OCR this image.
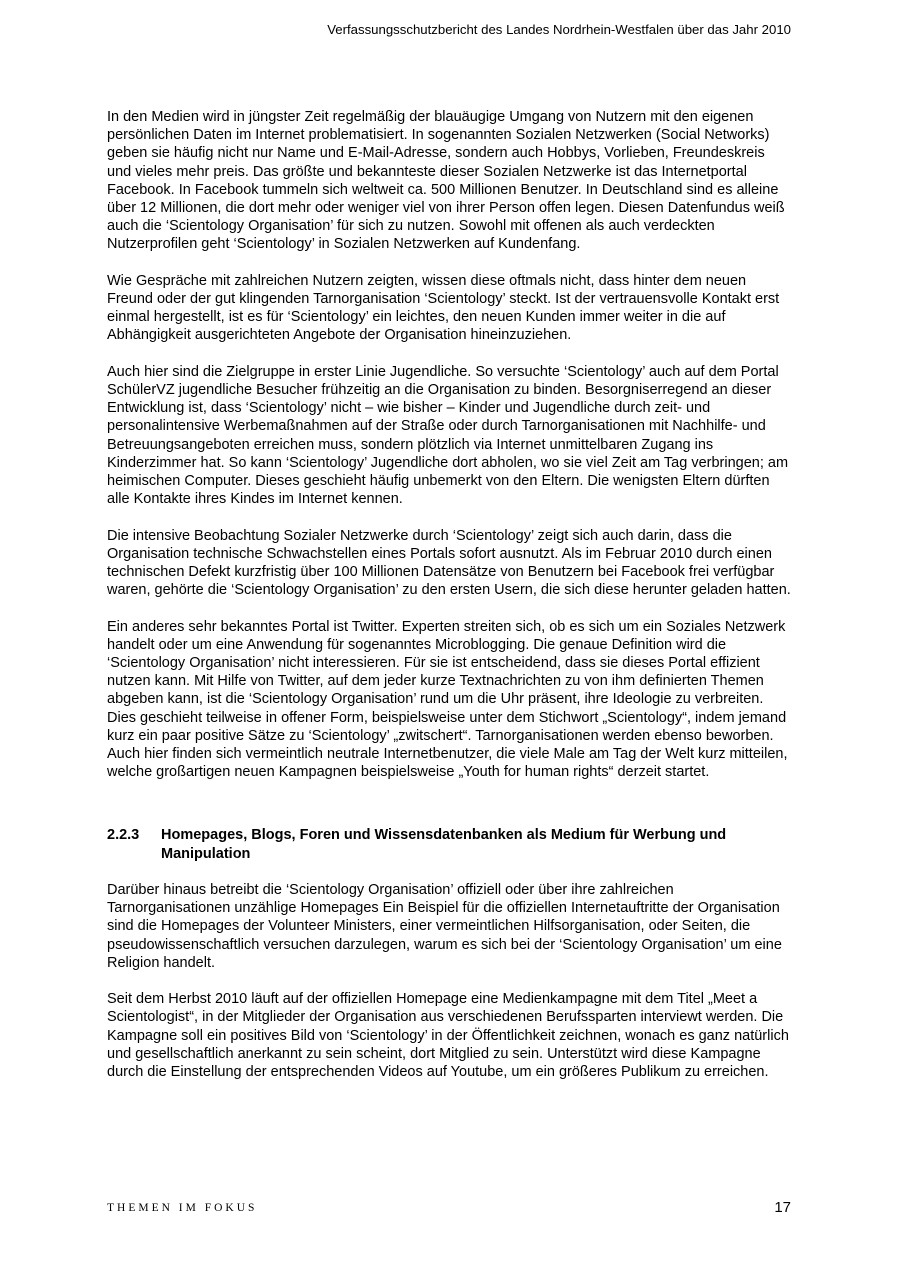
Verfassungsschutzbericht des Landes Nordrhein-Westfalen über das Jahr 2010

In den Medien wird in jüngster Zeit regelmäßig der blauäugige Umgang von Nutzern mit den eigenen persönlichen Daten im Internet problematisiert. In sogenannten Sozialen Netzwerken (Social Networks) geben sie häufig nicht nur Name und E-Mail-Adresse, sondern auch Hobbys, Vorlieben, Freundeskreis und vieles mehr preis. Das größte und bekannteste dieser Sozialen Netzwerke ist das Internetportal Facebook. In Facebook tummeln sich weltweit ca. 500 Millionen Benutzer. In Deutschland sind es alleine über 12 Millionen, die dort mehr oder weniger viel von ihrer Person offen legen. Diesen Datenfundus weiß auch die ‘Scientology Organisation’ für sich zu nutzen. Sowohl mit offenen als auch verdeckten Nutzerprofilen geht ‘Scientology’ in Sozialen Netzwerken auf Kundenfang.

Wie Gespräche mit zahlreichen Nutzern zeigten, wissen diese oftmals nicht, dass hinter dem neuen Freund oder der gut klingenden Tarnorganisation ‘Scientology’ steckt. Ist der vertrauensvolle Kontakt erst einmal hergestellt, ist es für ‘Scientology’ ein leichtes, den neuen Kunden immer weiter in die auf Abhängigkeit ausgerichteten Angebote der Organisation hineinzuziehen.

Auch hier sind die Zielgruppe in erster Linie Jugendliche. So versuchte ‘Scientology’ auch auf dem Portal SchülerVZ jugendliche Besucher frühzeitig an die Organisation zu binden. Besorgniserregend an dieser Entwicklung ist, dass ‘Scientology’ nicht – wie bisher – Kinder und Jugendliche durch zeit- und personalintensive Werbemaßnahmen auf der Straße oder durch Tarnorganisationen mit Nachhilfe- und Betreuungsangeboten erreichen muss, sondern plötzlich via Internet unmittelbaren Zugang ins Kinderzimmer hat. So kann ‘Scientology’ Jugendliche dort abholen, wo sie viel Zeit am Tag verbringen; am heimischen Computer. Dieses geschieht häufig unbemerkt von den Eltern. Die wenigsten Eltern dürften alle Kontakte ihres Kindes im Internet kennen.

Die intensive Beobachtung Sozialer Netzwerke durch ‘Scientology’ zeigt sich auch darin, dass die Organisation technische Schwachstellen eines Portals sofort ausnutzt. Als im Februar 2010 durch einen technischen Defekt kurzfristig über 100 Millionen Datensätze von Benutzern bei Facebook frei verfügbar waren, gehörte die ‘Scientology Organisation’ zu den ersten Usern, die sich diese herunter geladen hatten.

Ein anderes sehr bekanntes Portal ist Twitter. Experten streiten sich, ob es sich um ein Soziales Netzwerk handelt oder um eine Anwendung für sogenanntes Microblogging. Die genaue Definition wird die ‘Scientology Organisation’ nicht interessieren. Für sie ist entscheidend, dass sie dieses Portal effizient nutzen kann. Mit Hilfe von Twitter, auf dem jeder kurze Textnachrichten zu von ihm definierten Themen abgeben kann, ist die ‘Scientology Organisation’ rund um die Uhr präsent, ihre Ideologie zu verbreiten. Dies geschieht teilweise in offener Form, beispielsweise unter dem Stichwort „Scientology“, indem jemand kurz ein paar positive Sätze zu ‘Scientology’ „zwitschert“. Tarnorganisationen werden ebenso beworben. Auch hier finden sich vermeintlich neutrale Internetbenutzer, die viele Male am Tag der Welt kurz mitteilen, welche großartigen neuen Kampagnen beispielsweise „Youth for human rights“ derzeit startet.

2.2.3	Homepages, Blogs, Foren und Wissensdatenbanken als Medium für Werbung und Manipulation

Darüber hinaus betreibt die ‘Scientology Organisation’ offiziell oder über ihre zahlreichen Tarnorganisationen unzählige Homepages Ein Beispiel für die offiziellen Internetauftritte der Organisation sind die Homepages der Volunteer Ministers, einer vermeintlichen Hilfsorganisation, oder Seiten, die pseudowissenschaftlich versuchen darzulegen, warum es sich bei der ‘Scientology Organisation’ um eine Religion handelt.

Seit dem Herbst 2010 läuft auf der offiziellen Homepage eine Medienkampagne mit dem Titel „Meet a Scientologist“, in der Mitglieder der Organisation aus verschiedenen Berufssparten interviewt werden. Die Kampagne soll ein positives Bild von ‘Scientology’ in der Öffentlichkeit zeichnen, wonach es ganz natürlich und gesellschaftlich anerkannt zu sein scheint, dort Mitglied zu sein. Unterstützt wird diese Kampagne durch die Einstellung der entsprechenden Videos auf Youtube, um ein größeres Publikum zu erreichen.

THEMEN IM FOKUS	17
